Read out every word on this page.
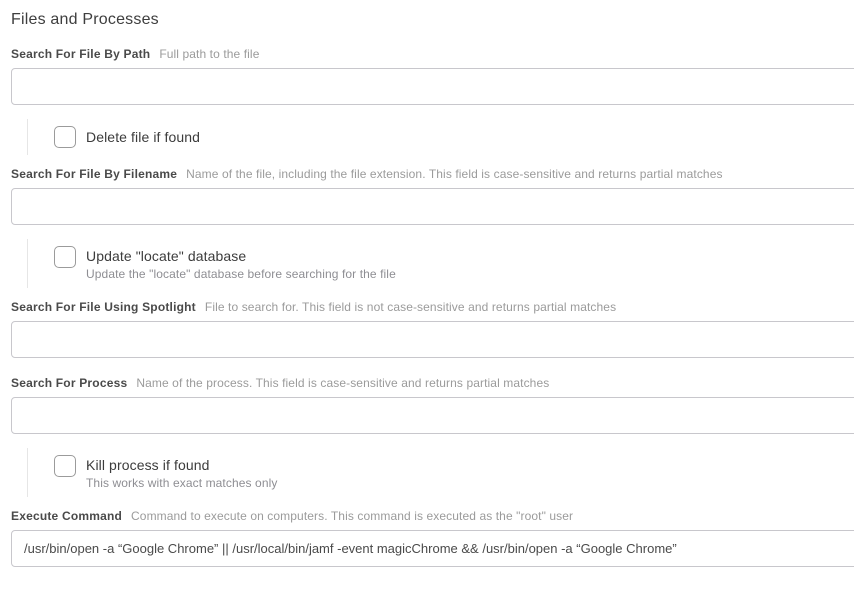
Files and Processes
Search For File By Path Full path to the file
Delete file if found
Search For File By Filename Name of the file, including the file extension. This field is case-sensitive and returns partial matches
Update "locate" database
Update the "locate" database before searching for the file
Search For File Using Spotlight File to search for. This field is not case-sensitive and returns partial matches
Search For Process Name of the process. This field is case-sensitive and returns partial matches
Kill process if found
This works with exact matches only
Execute Command Command to execute on computers. This command is executed as the "root" user
/usr/bin/open -a “Google Chrome” || /usr/local/bin/jamf -event magicChrome && /usr/bin/open -a “Google Chrome”
